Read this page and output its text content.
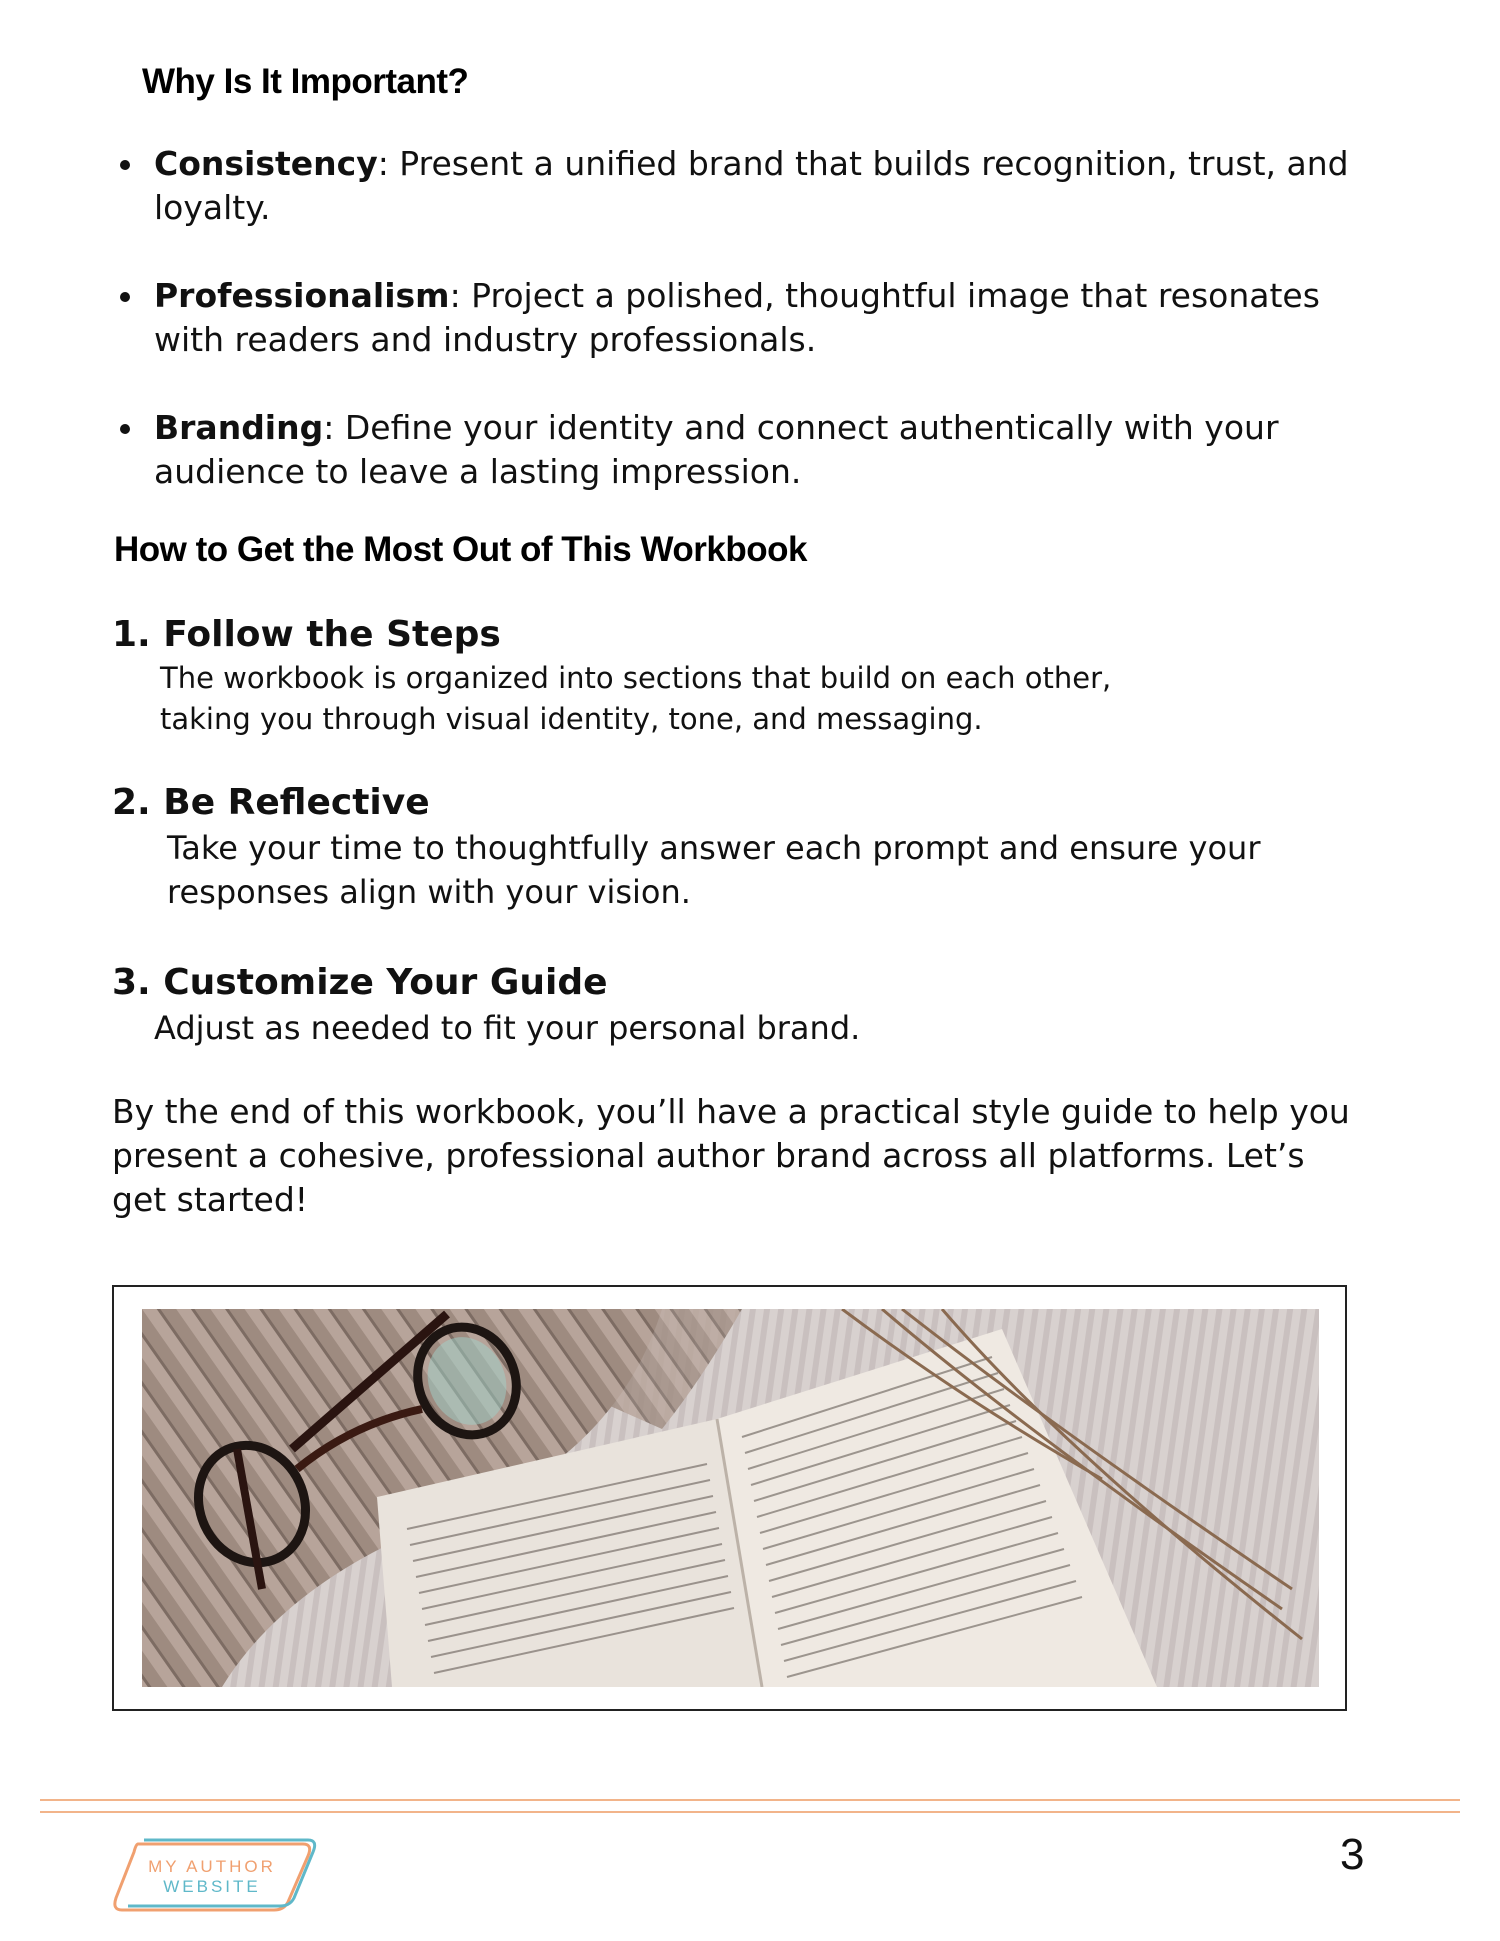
Why Is It Important?
Consistency: Present a unified brand that builds recognition, trust, and loyalty.
Professionalism: Project a polished, thoughtful image that resonates with readers and industry professionals.
Branding: Define your identity and connect authentically with your audience to leave a lasting impression.
How to Get the Most Out of This Workbook
1. Follow the Steps
The workbook is organized into sections that build on each other,
taking you through visual identity, tone, and messaging.
2. Be Reflective
Take your time to thoughtfully answer each prompt and ensure your
responses align with your vision.
3. Customize Your Guide
Adjust as needed to fit your personal brand.
By the end of this workbook, you’ll have a practical style guide to help you present a cohesive, professional author brand across all platforms. Let’s get started!
MY AUTHOR
WEBSITE
3
